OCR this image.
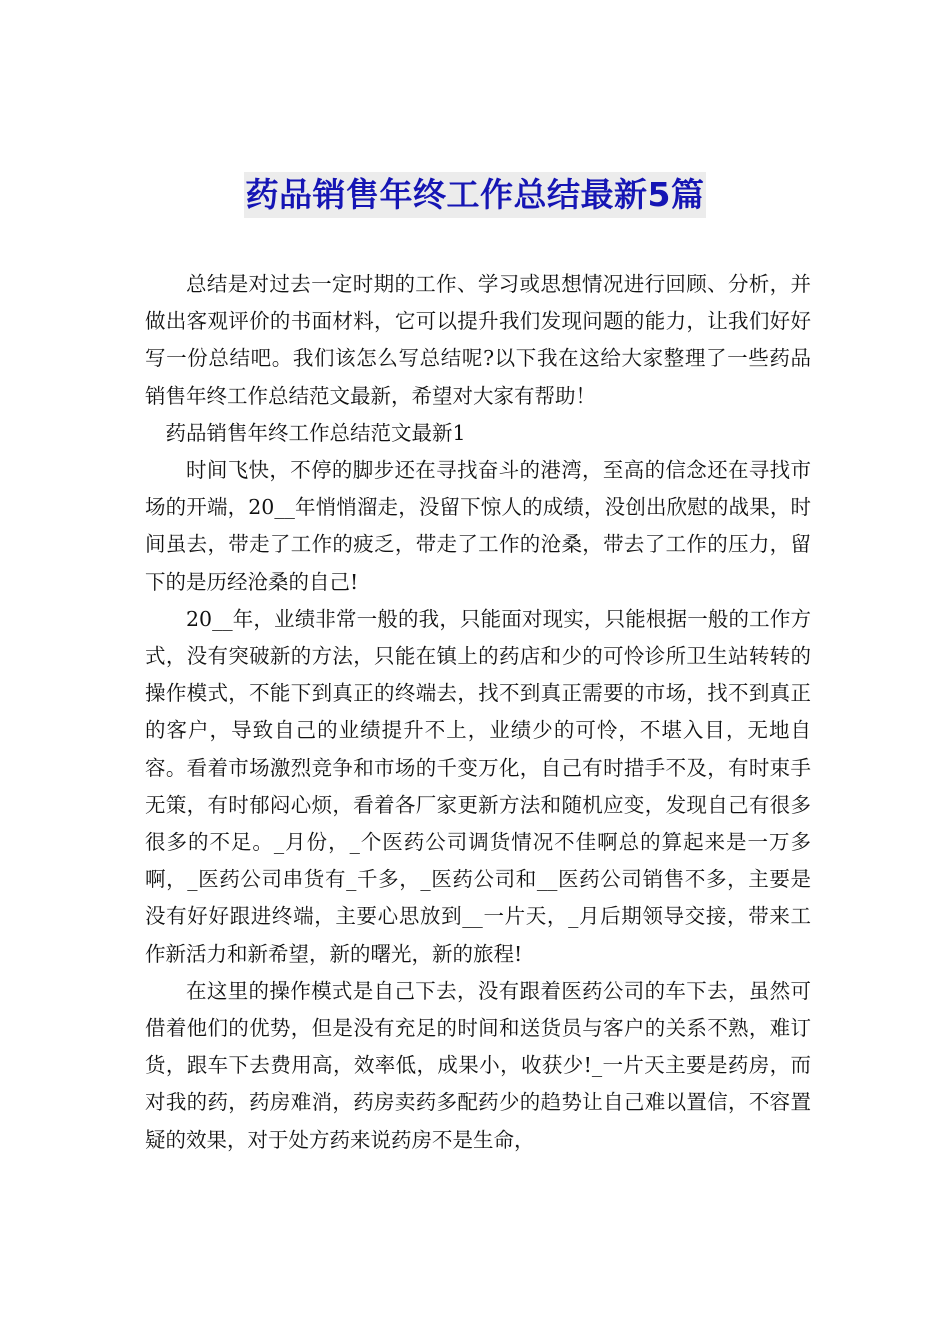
药品销售年终工作总结最新5篇

总结是对过去一定时期的工作、学习或思想情况进行回顾、分析，并做出客观评价的书面材料，它可以提升我们发现问题的能力，让我们好好写一份总结吧。我们该怎么写总结呢?以下我在这给大家整理了一些药品销售年终工作总结范文最新，希望对大家有帮助！

药品销售年终工作总结范文最新1

时间飞快，不停的脚步还在寻找奋斗的港湾，至高的信念还在寻找市场的开端，20__年悄悄溜走，没留下惊人的成绩，没创出欣慰的战果，时间虽去，带走了工作的疲乏，带走了工作的沧桑，带去了工作的压力，留下的是历经沧桑的自己!

20__年，业绩非常一般的我，只能面对现实，只能根据一般的工作方式，没有突破新的方法，只能在镇上的药店和少的可怜诊所卫生站转转的操作模式，不能下到真正的终端去，找不到真正需要的市场，找不到真正的客户，导致自己的业绩提升不上，业绩少的可怜，不堪入目，无地自容。看着市场激烈竞争和市场的千变万化，自己有时措手不及，有时束手无策，有时郁闷心烦，看着各厂家更新方法和随机应变，发现自己有很多很多的不足。_月份，_个医药公司调货情况不佳啊总的算起来是一万多啊，_医药公司串货有_千多，_医药公司和__医药公司销售不多，主要是没有好好跟进终端，主要心思放到__一片天，_月后期领导交接，带来工作新活力和新希望，新的曙光，新的旅程!

在这里的操作模式是自己下去，没有跟着医药公司的车下去，虽然可借着他们的优势，但是没有充足的时间和送货员与客户的关系不熟，难订货，跟车下去费用高，效率低，成果小，收获少!_一片天主要是药房，而对我的药，药房难消，药房卖药多配药少的趋势让自己难以置信，不容置疑的效果，对于处方药来说药房不是生命，
